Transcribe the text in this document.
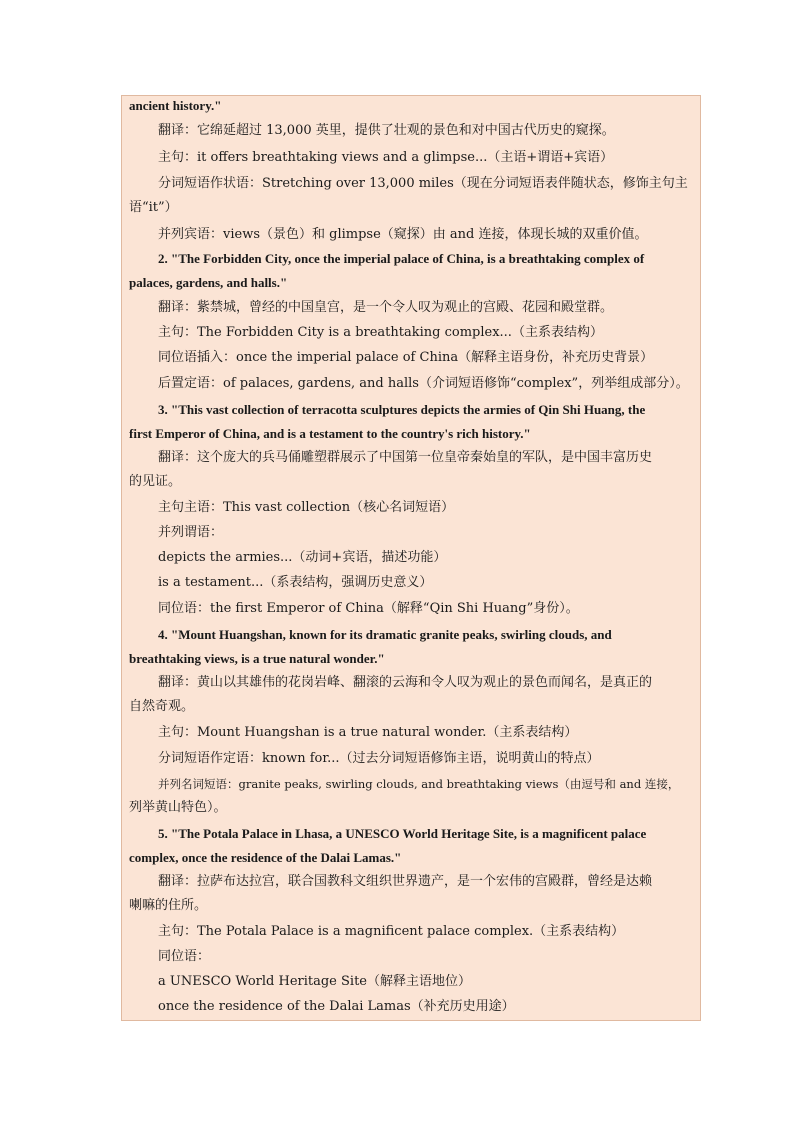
ancient history."

翻译：它绵延超过 13,000 英里，提供了壮观的景色和对中国古代历史的窥探。

主句：it offers breathtaking views and a glimpse...（主语+谓语+宾语）

分词短语作状语：Stretching over 13,000 miles（现在分词短语表伴随状态，修饰主句主

语“it”）

并列宾语：views（景色）和 glimpse（窥探）由 and 连接，体现长城的双重价值。

2. "The Forbidden City, once the imperial palace of China, is a breathtaking complex of

palaces, gardens, and halls."

翻译：紫禁城，曾经的中国皇宫，是一个令人叹为观止的宫殿、花园和殿堂群。

主句：The Forbidden City is a breathtaking complex...（主系表结构）

同位语插入：once the imperial palace of China（解释主语身份，补充历史背景）

后置定语：of palaces, gardens, and halls（介词短语修饰“complex”，列举组成部分）。

3. "This vast collection of terracotta sculptures depicts the armies of Qin Shi Huang, the

first Emperor of China, and is a testament to the country's rich history."

翻译：这个庞大的兵马俑雕塑群展示了中国第一位皇帝秦始皇的军队，是中国丰富历史

的见证。

主句主语：This vast collection（核心名词短语）

并列谓语：

depicts the armies...（动词+宾语，描述功能）

is a testament...（系表结构，强调历史意义）

同位语：the first Emperor of China（解释“Qin Shi Huang”身份）。

4. "Mount Huangshan, known for its dramatic granite peaks, swirling clouds, and

breathtaking views, is a true natural wonder."

翻译：黄山以其雄伟的花岗岩峰、翻滚的云海和令人叹为观止的景色而闻名，是真正的

自然奇观。

主句：Mount Huangshan is a true natural wonder.（主系表结构）

分词短语作定语：known for...（过去分词短语修饰主语，说明黄山的特点）

并列名词短语：granite peaks, swirling clouds, and breathtaking views（由逗号和 and 连接，

列举黄山特色）。

5. "The Potala Palace in Lhasa, a UNESCO World Heritage Site, is a magnificent palace

complex, once the residence of the Dalai Lamas."

翻译：拉萨布达拉宫，联合国教科文组织世界遗产，是一个宏伟的宫殿群，曾经是达赖

喇嘛的住所。

主句：The Potala Palace is a magnificent palace complex.（主系表结构）

同位语：

a UNESCO World Heritage Site（解释主语地位）

once the residence of the Dalai Lamas（补充历史用途）
